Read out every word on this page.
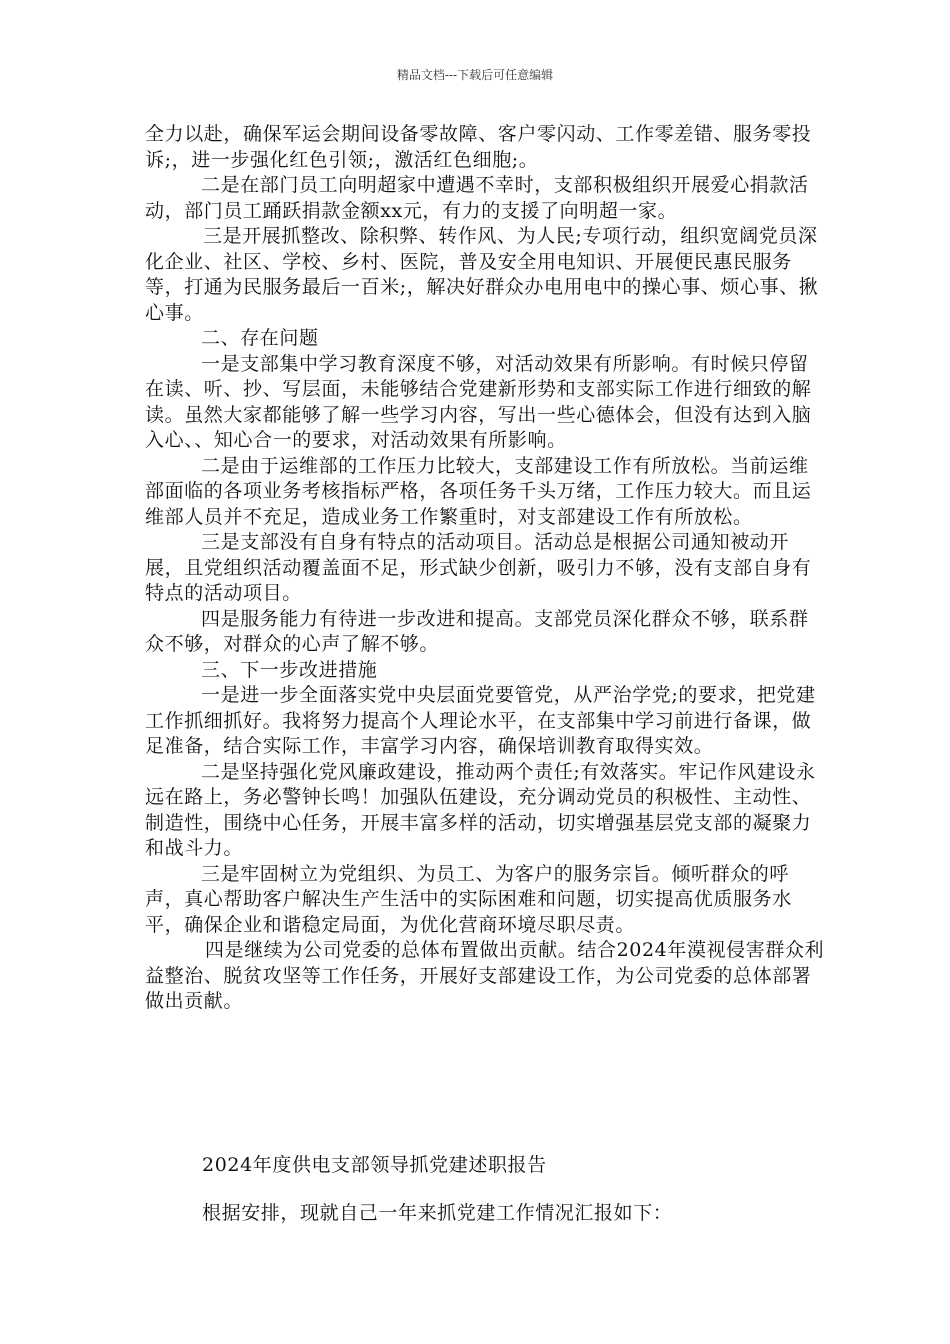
精品文档---下载后可任意编辑

全力以赴，确保军运会期间设备零故障、客户零闪动、工作零差错、服务零投诉;，进一步强化红色引领;，激活红色细胞;。

二是在部门员工向明超家中遭遇不幸时，支部积极组织开展爱心捐款活动，部门员工踊跃捐款金额xx元，有力的支援了向明超一家。

三是开展抓整改、除积弊、转作风、为人民;专项行动，组织宽阔党员深化企业、社区、学校、乡村、医院，普及安全用电知识、开展便民惠民服务等，打通为民服务最后一百米;，解决好群众办电用电中的操心事、烦心事、揪心事。

二、存在问题

一是支部集中学习教育深度不够，对活动效果有所影响。有时候只停留在读、听、抄、写层面，未能够结合党建新形势和支部实际工作进行细致的解读。虽然大家都能够了解一些学习内容，写出一些心德体会，但没有达到入脑入心、、知心合一的要求，对活动效果有所影响。

二是由于运维部的工作压力比较大，支部建设工作有所放松。当前运维部面临的各项业务考核指标严格，各项任务千头万绪，工作压力较大。而且运维部人员并不充足，造成业务工作繁重时，对支部建设工作有所放松。

三是支部没有自身有特点的活动项目。活动总是根据公司通知被动开展，且党组织活动覆盖面不足，形式缺少创新，吸引力不够，没有支部自身有特点的活动项目。

四是服务能力有待进一步改进和提高。支部党员深化群众不够，联系群众不够，对群众的心声了解不够。

三、下一步改进措施

一是进一步全面落实党中央层面党要管党，从严治学党;的要求，把党建工作抓细抓好。我将努力提高个人理论水平，在支部集中学习前进行备课，做足准备，结合实际工作，丰富学习内容，确保培训教育取得实效。

二是坚持强化党风廉政建设，推动两个责任;有效落实。牢记作风建设永远在路上，务必警钟长鸣！加强队伍建设，充分调动党员的积极性、主动性、制造性，围绕中心任务，开展丰富多样的活动，切实增强基层党支部的凝聚力和战斗力。

三是牢固树立为党组织、为员工、为客户的服务宗旨。倾听群众的呼声，真心帮助客户解决生产生活中的实际困难和问题，切实提高优质服务水平，确保企业和谐稳定局面，为优化营商环境尽职尽责。

四是继续为公司党委的总体布置做出贡献。结合2024年漠视侵害群众利益整治、脱贫攻坚等工作任务，开展好支部建设工作，为公司党委的总体部署做出贡献。

2024年度供电支部领导抓党建述职报告
根据安排，现就自己一年来抓党建工作情况汇报如下：
